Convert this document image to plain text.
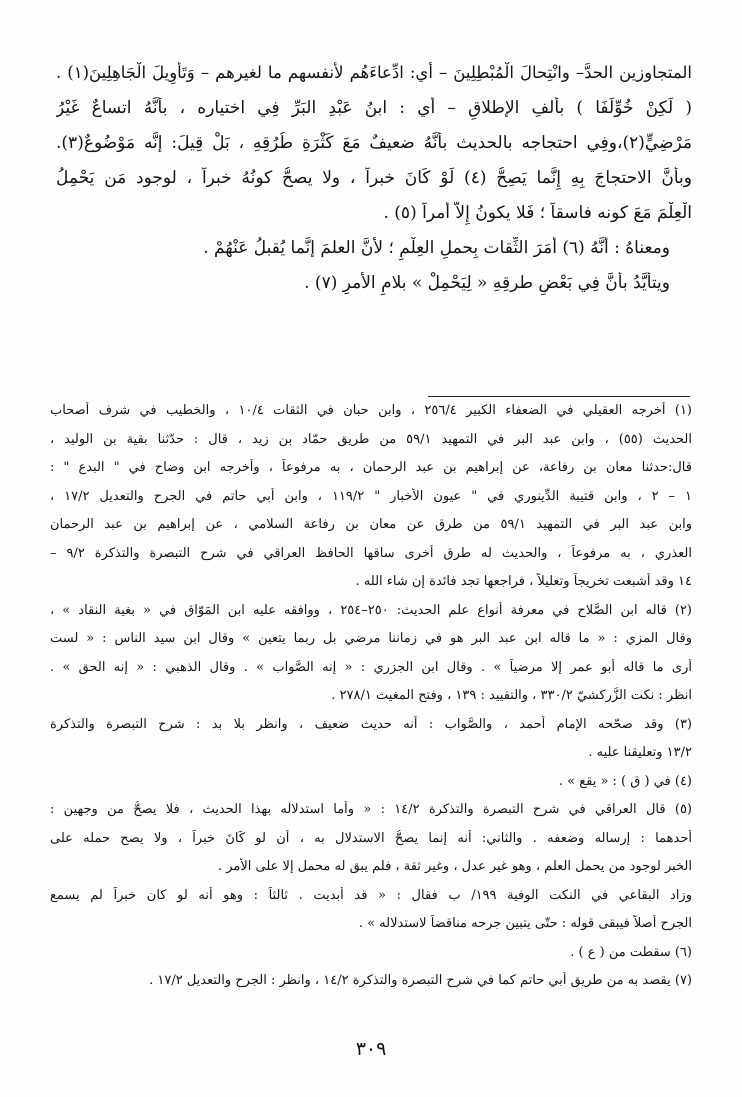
المتجاوزين الحدَّ– وانْتِحالَ الْمُبْطِلِينَ – أي: ادِّعاءَهُم لأنفسهم ما لغيرهم – وَتَأْوِيلَ الْجَاهِلِينَ(١) .
( لَكِنْ خُوِّلَفَا ) بألفِ الإطلاقِ – أي : ابنُ عَبْدِ البَرِّ فِي اختياره ، بأنَّهُ اتساعٌ غَيْرُ
مَرْضِيٍّ(٢)،وفِي احتجاجه بالحديث بأنَّهُ ضعيفٌ مَعَ كَثْرَةِ طُرُقِهِ ، بَلْ قِيلَ: إنَّه مَوْضُوعٌ(٣).
وبأنَّ الاحتجاجَ بِهِ إِنَّما يَصِحُّ (٤) لَوْ كَانَ خبراً ، ولا يصحُّ كونُهُ خبراً ، لوجود مَن يَحْمِلُ
الْعِلْمَ مَعَ كونه فاسقاً ؛ فَلا يكونُ إِلاَّ أمراً (٥) .
ومعناهُ : أنَّهُ (٦) أَمَرَ الثِّقات بِحملِ العِلْمِ ؛ لأنَّ العلمَ إنَّما يُقبلُ عَنْهُمْ .
ويتأيَّدُ بأنَّ فِي بَعْضِ طرقِهِ « لِيَحْمِلْ » بلامِ الأمرِ (٧) .
(١) أخرجه العقيلي في الضعفاء الكبير ٢٥٦/٤ ، وابن حبان في الثقات ١٠/٤ ، والخطيب في شرف أصحاب
الحديث (٥٥) ، وابن عبد البر في التمهيد ٥٩/١ من طريق حمّاد بن زيد ، قال : حدّثنا بقية بن الوليد ،
قال:حدثنا معان بن رفاعة، عن إبراهيم بن عبد الرحمان ، به مرفوعاً ، وأخرجه ابن وضاح في " البدع " :
١ – ٢ ، وابن قتيبة الدِّينوري في " عيون الأخبار " ١١٩/٢ ، وابن أبي حاتم في الجرح والتعديل ١٧/٢ ،
وابن عبد البر في التمهيد ٥٩/١ من طرق عن معان بن رفاعة السلامي ، عن إبراهيم بن عبد الرحمان
العذري ، به مرفوعاً ، والحديث له طرق أخرى ساقها الحافظ العراقي في شرح التبصرة والتذكرة ٩/٢ –
١٤ وقد أشبعت تخريجاً وتعليلاً ، فراجعها تجد فائدة إن شاء الله .
(٢) قاله ابن الصَّلاح في معرفة أنواع علم الحديث: ٢٥٠–٢٥٤ ، ووافقه عليه ابن المَوّاق في « بغية النقاد » ،
وقال المزي : « ما قاله ابن عبد البر هو في زماننا مرضي بل ربما يتعين » وقال ابن سيد الناس : « لست
أرى ما قاله أبو عمر إلا مرضياً » . وقال ابن الجزري : « إنه الصَّواب » . وقال الذهبي : « إنه الحق » .
انظر : نكت الزَّركشيّ ٣٣٠/٢ ، والتقييد : ١٣٩ ، وفتح المغيث ٢٧٨/١ .
(٣) وقد صحّحه الإمام أحمد ، والصَّواب : أنه حديث ضعيف ، وانظر بلا بد : شرح التبصرة والتذكرة
١٣/٢ وتعليقنا عليه .
(٤) في ( ق ) : « يقع » .
(٥) قال العراقي في شرح التبصرة والتذكرة ١٤/٢ : « وأما استدلاله بهذا الحديث ، فلا يصحُّ من وجهين :
أحدهما : إرساله وضعفه . والثاني: أنه إنما يصحُّ الاستدلال به ، أن لو كَانَ خبراً ، ولا يصح حمله على
الخبر لوجود من يحمل العلم ، وهو غير عدل ، وغير ثقة ، فلم يبق له محمل إلا على الأمر .
وزاد البقاعي في النكت الوفية ١٩٩/ ب فقال : « قد أبديت . ثالثاً : وهو أنه لو كان خبراً لم يسمع
الجرح أصلاً فيبقى قوله : حتّى يتبين جرحه مناقضاً لاستدلاله » .
(٦) سقطت من ( ع ) .
(٧) يقصد به من طريق أبي حاتم كما في شرح التبصرة والتذكرة ١٤/٢ ، وانظر : الجرح والتعديل ١٧/٢ .
٣٠٩
